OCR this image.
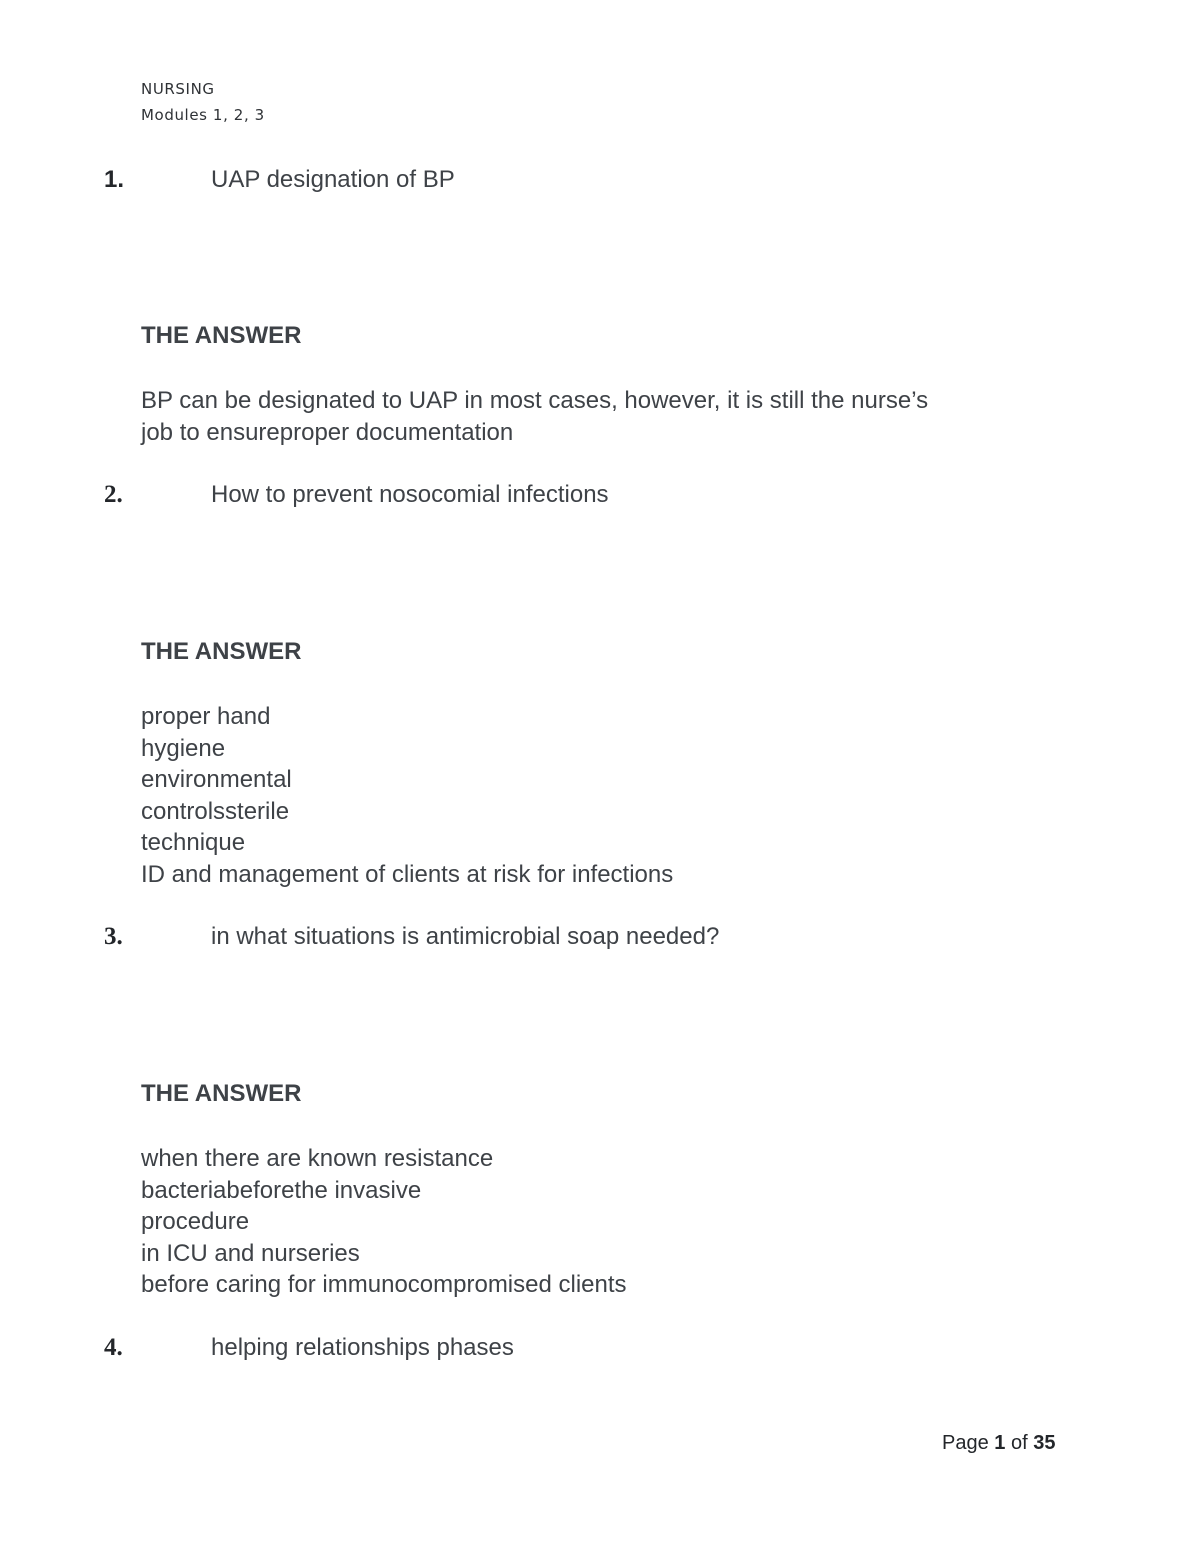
NURSING
Modules 1, 2, 3
1.	UAP designation of BP
THE ANSWER
BP can be designated to UAP in most cases, however, it is still the nurse’s
job to ensureproper documentation
2.	How to prevent nosocomial infections
THE ANSWER
proper hand
hygiene
environmental
controlssterile
technique
ID and management of clients at risk for infections
3.	in what situations is antimicrobial soap needed?
THE ANSWER
when there are known resistance
bacteriabeforethe invasive
procedure
in ICU and nurseries
before caring for immunocompromised clients
4.	helping relationships phases
Page 1 of 35
